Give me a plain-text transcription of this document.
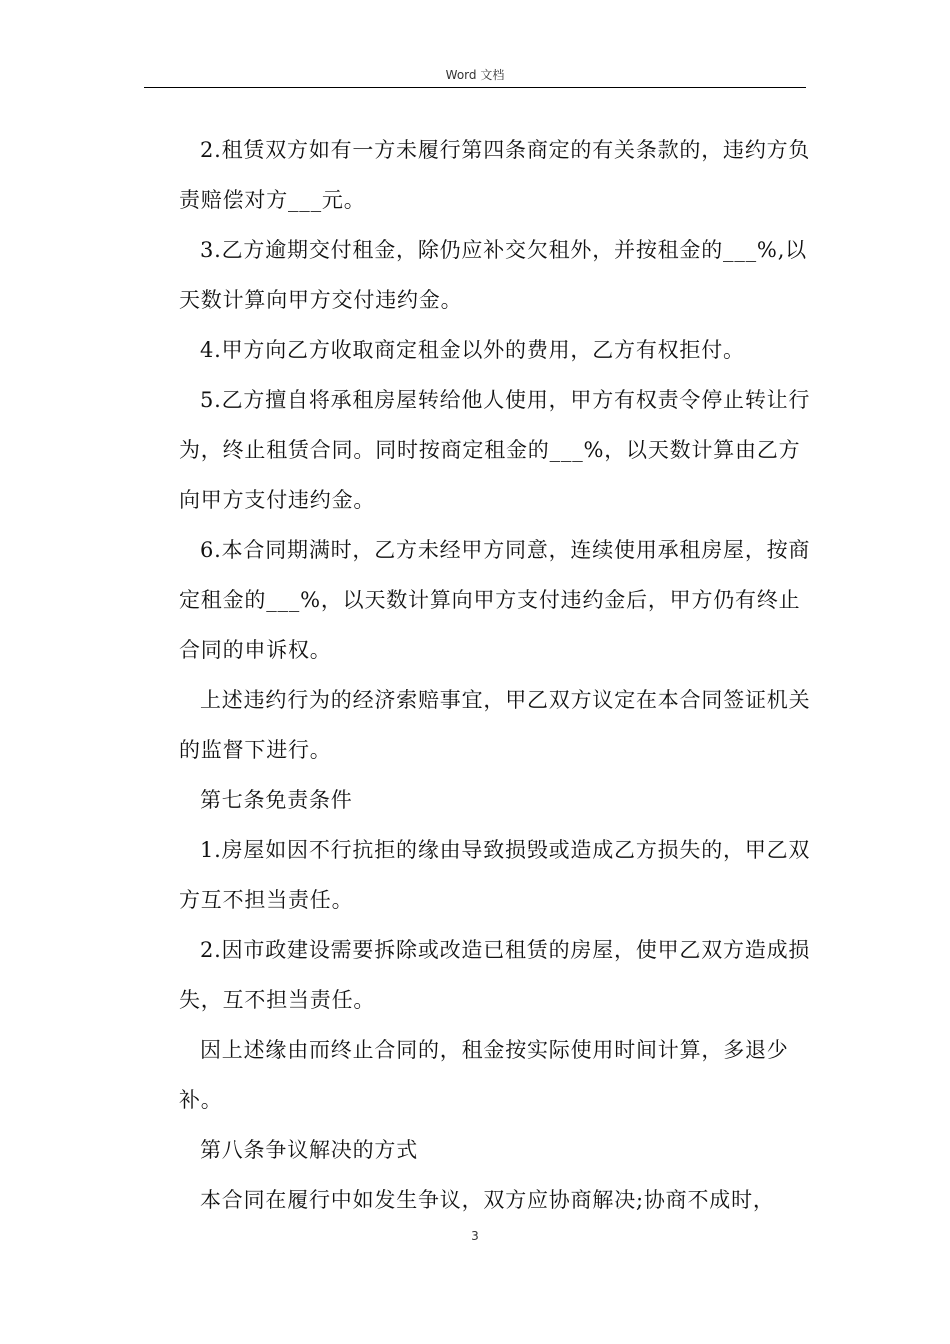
Word 文档

2.租赁双方如有一方未履行第四条商定的有关条款的，违约方负责赔偿对方___元。

3.乙方逾期交付租金，除仍应补交欠租外，并按租金的___%,以天数计算向甲方交付违约金。

4.甲方向乙方收取商定租金以外的费用，乙方有权拒付。

5.乙方擅自将承租房屋转给他人使用，甲方有权责令停止转让行为，终止租赁合同。同时按商定租金的___%，以天数计算由乙方向甲方支付违约金。

6.本合同期满时，乙方未经甲方同意，连续使用承租房屋，按商定租金的___%，以天数计算向甲方支付违约金后，甲方仍有终止合同的申诉权。

上述违约行为的经济索赔事宜，甲乙双方议定在本合同签证机关的监督下进行。

第七条免责条件

1.房屋如因不行抗拒的缘由导致损毁或造成乙方损失的，甲乙双方互不担当责任。

2.因市政建设需要拆除或改造已租赁的房屋，使甲乙双方造成损失，互不担当责任。

因上述缘由而终止合同的，租金按实际使用时间计算，多退少补。

第八条争议解决的方式

本合同在履行中如发生争议，双方应协商解决;协商不成时，

3
